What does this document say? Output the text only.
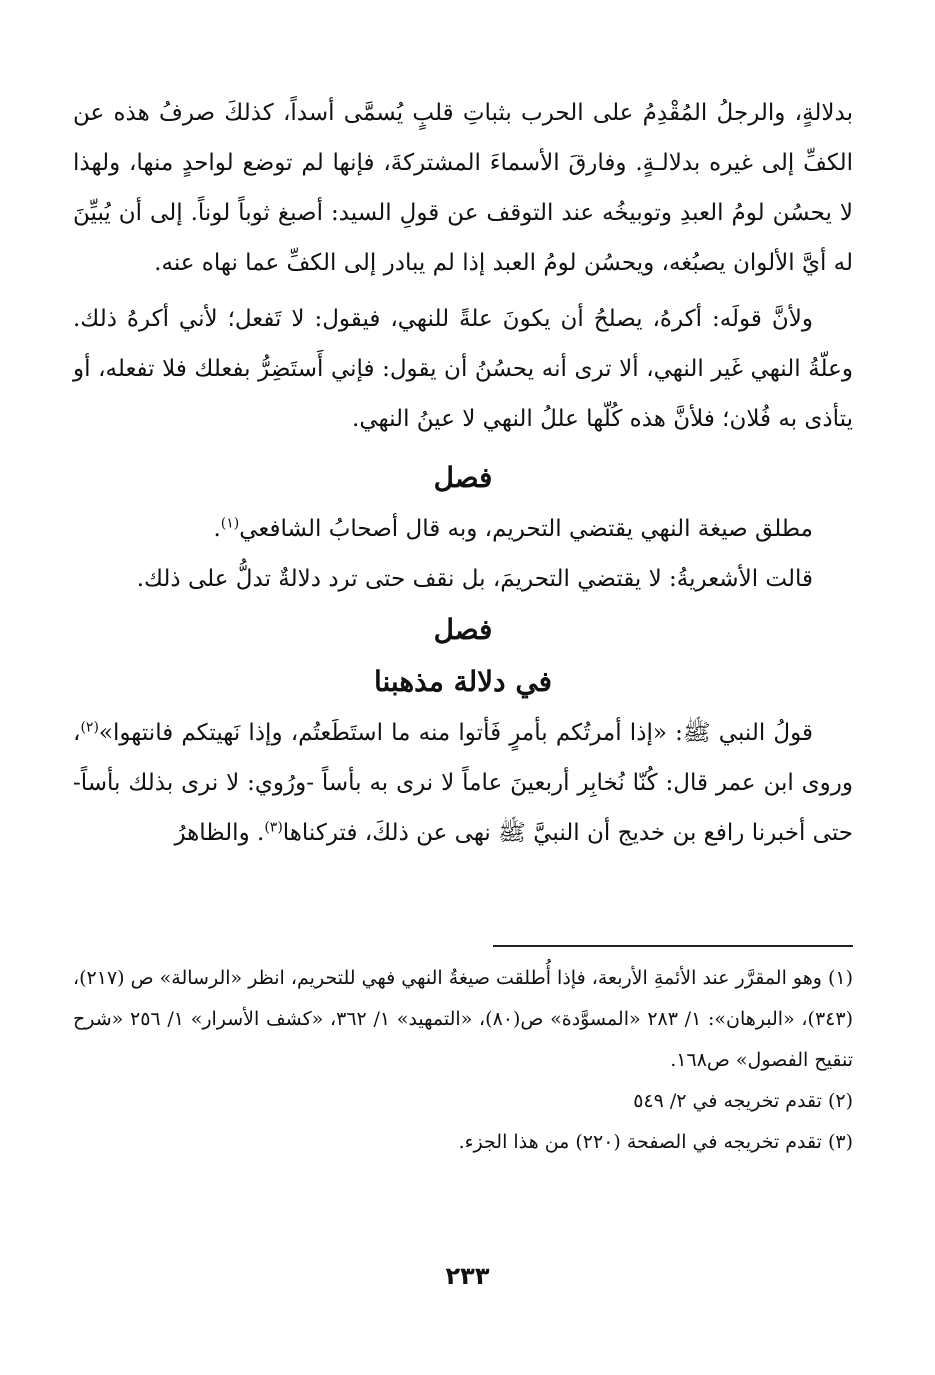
بدلالةٍ، والرجلُ المُقْدِمُ على الحرب بثباتِ قلبٍ يُسمَّى أسداً، كذلكَ صرفُ هذه عن الكفِّ إلى غيره بدلالـةٍ. وفارقَ الأسماءَ المشتركةَ، فإنها لم توضع لواحدٍ منها، ولهذا لا يحسُن لومُ العبدِ وتوبيخُه عند التوقف عن قولِ السيد: أصبغ ثوباً لوناً. إلى أن يُبيِّنَ له أيَّ الألوان يصبُغه، ويحسُن لومُ العبد إذا لم يبادر إلى الكفِّ عما نهاه عنه.

ولأنَّ قولَه: أكرهُ، يصلحُ أن يكونَ علةً للنهي، فيقول: لا تَفعل؛ لأني أكرهُ ذلك. وعلّةُ النهي غَير النهي، ألا ترى أنه يحسُنُ أن يقول: فإني أَستَضِرُّ بفعلك فلا تفعله، أو يتأذى به فُلان؛ فلأنَّ هذه كُلّها عللُ النهي لا عينُ النهي.

فصل

مطلق صيغة النهي يقتضي التحريم، وبه قال أصحابُ الشافعي$^{(١)}$.

قالت الأشعريةُ: لا يقتضي التحريمَ، بل نقف حتى ترد دلالةٌ تدلُّ على ذلك.

فصل
في دلالة مذهبنا

قولُ النبي ﷺ: «إذا أمرتُكم بأمرٍ فَأتوا منه ما استَطَعتُم، وإذا نَهيتكم فانتهوا»$^{(٢)}$، وروى ابن عمر قال: كُنّا نُخابِر أربعينَ عاماً لا نرى به بأساً -ورُوي: لا نرى بذلك بأساً- حتى أخبرنا رافع بن خديج أن النبيَّ ﷺ نهى عن ذلكَ، فتركناها$^{(٣)}$. والظاهرُ

(١)وهو المقرَّر عند الأئمةِ الأربعة، فإذا أُطلقت صيغةُ النهي فهي للتحريم، انظر «الرسالة» ص (٢١٧)، (٣٤٣)، «البرهان»: ١/ ٢٨٣ «المسوَّدة» ص(٨٠)، «التمهيد» ١/ ٣٦٢، «كشف الأسرار» ١/ ٢٥٦ «شرح تنقيح الفصول» ص١٦٨.

(٢)تقدم تخريجه في ٢/ ٥٤٩

(٣)تقدم تخريجه في الصفحة (٢٢٠) من هذا الجزء.

٢٣٣
